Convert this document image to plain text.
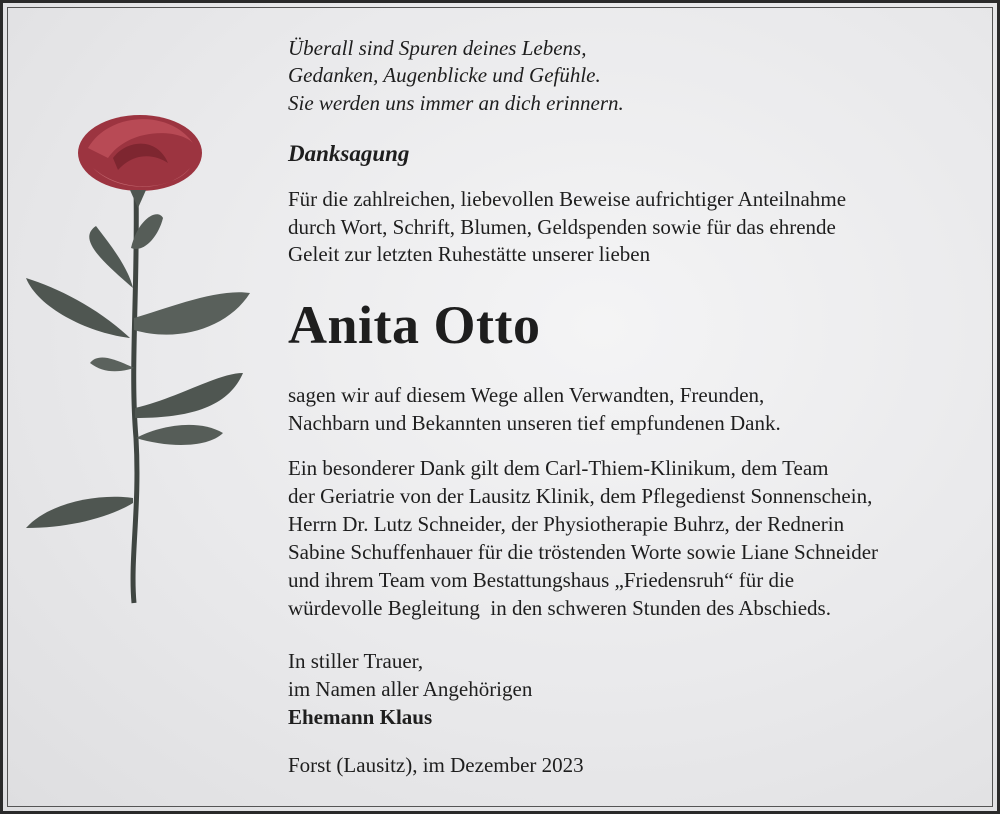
Überall sind Spuren deines Lebens,
Gedanken, Augenblicke und Gefühle.
Sie werden uns immer an dich erinnern.
Danksagung
Für die zahlreichen, liebevollen Beweise aufrichtiger Anteilnahme
durch Wort, Schrift, Blumen, Geldspenden sowie für das ehrende
Geleit zur letzten Ruhestätte unserer lieben
Anita Otto
sagen wir auf diesem Wege allen Verwandten, Freunden,
Nachbarn und Bekannten unseren tief empfundenen Dank.
Ein besonderer Dank gilt dem Carl-Thiem-Klinikum, dem Team
der Geriatrie von der Lausitz Klinik, dem Pflegedienst Sonnenschein,
Herrn Dr. Lutz Schneider, der Physiotherapie Buhrz, der Rednerin
Sabine Schuffenhauer für die tröstenden Worte sowie Liane Schneider
und ihrem Team vom Bestattungshaus „Friedensruh“ für die
würdevolle Begleitung  in den schweren Stunden des Abschieds.
In stiller Trauer,
im Namen aller Angehörigen
Ehemann Klaus
Forst (Lausitz), im Dezember 2023
